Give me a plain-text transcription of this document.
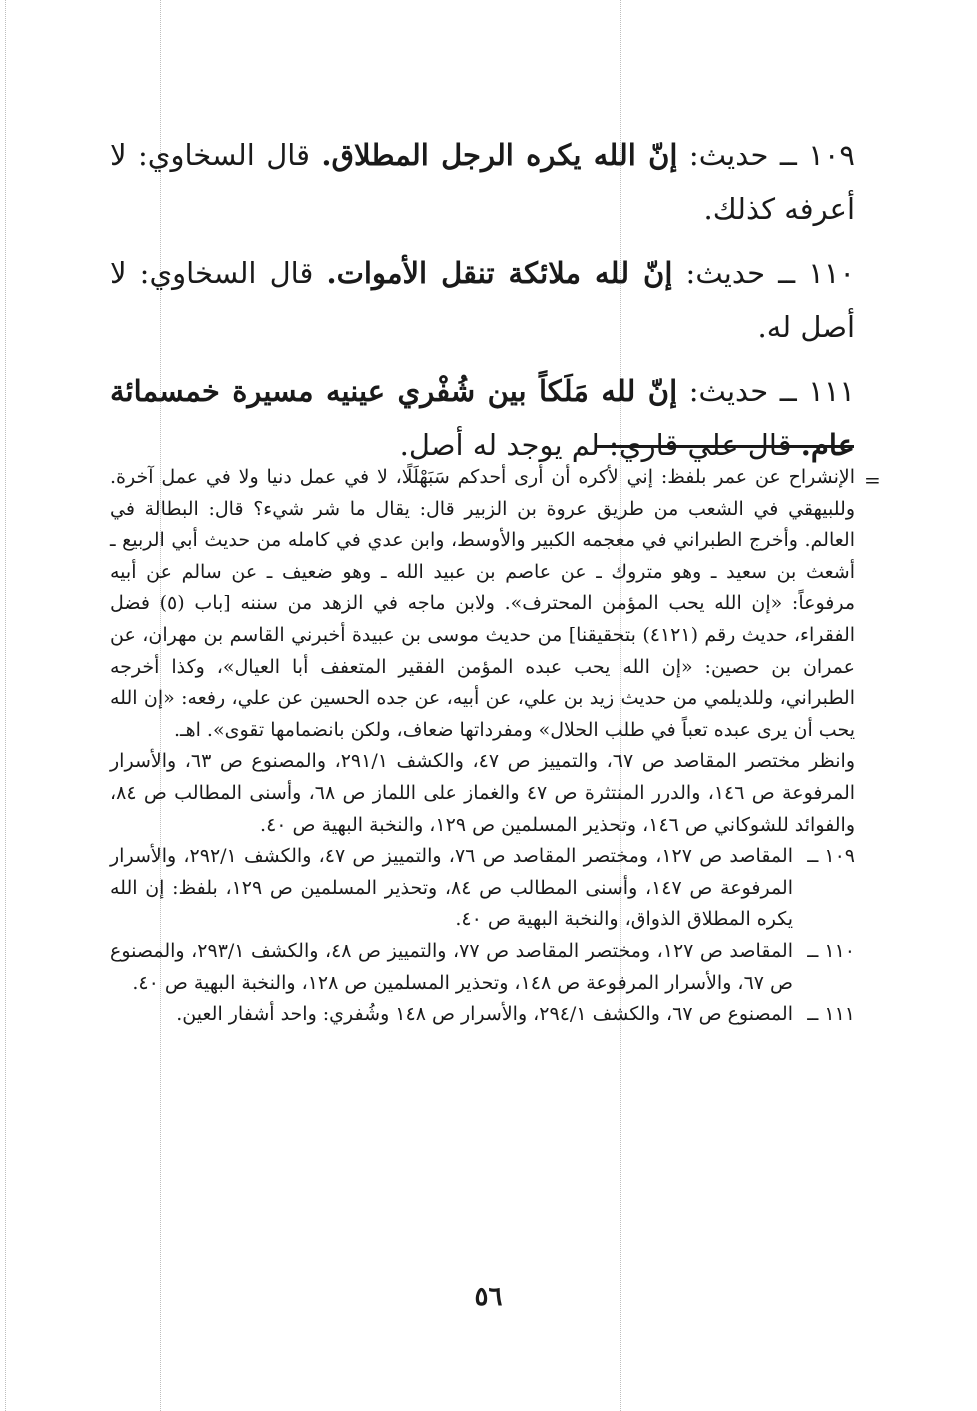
١٠٩ ــ حديث: إنّ الله يكره الرجل المطلاق. قال السخاوي: لا أعرفه كذلك.

١١٠ ــ حديث: إنّ لله ملائكة تنقل الأموات. قال السخاوي: لا أصل له.

١١١ ــ حديث: إنّ لله مَلَكاً بين شُفْري عينيه مسيرة خمسمائة عام. قال علي قاري: لم يوجد له أصل.

=

الإنشراح عن عمر بلفظ: إني لأكره أن أرى أحدكم سَبَهْلَلًا، لا في عمل دنيا ولا في عمل آخرة. وللبيهقي في الشعب من طريق عروة بن الزبير قال: يقال ما شر شيء؟ قال: البطالة في العالم. وأخرج الطبراني في معجمه الكبير والأوسط، وابن عدي في كامله من حديث أبي الربيع ـ أشعث بن سعيد ـ وهو متروك ـ عن عاصم بن عبيد الله ـ وهو ضعيف ـ عن سالم عن أبيه مرفوعاً: «إن الله يحب المؤمن المحترف». ولابن ماجه في الزهد من سننه [باب (٥) فضل الفقراء، حديث رقم (٤١٢١) بتحقيقنا] من حديث موسى بن عبيدة أخبرني القاسم بن مهران، عن عمران بن حصين: «إن الله يحب عبده المؤمن الفقير المتعفف أبا العيال»، وكذا أخرجه الطبراني، وللديلمي من حديث زيد بن علي، عن أبيه، عن جده الحسين عن علي، رفعه: «إن الله يحب أن يرى عبده تعباً في طلب الحلال» ومفرداتها ضعاف، ولكن بانضمامها تقوى». اهـ.

وانظر مختصر المقاصد ص ٦٧، والتمييز ص ٤٧، والكشف ٢٩١/١، والمصنوع ص ٦٣، والأسرار المرفوعة ص ١٤٦، والدرر المنتثرة ص ٤٧ والغماز على اللماز ص ٦٨، وأسنى المطالب ص ٨٤، والفوائد للشوكاني ص ١٤٦، وتحذير المسلمين ص ١٢٩، والنخبة البهية ص ٤٠.

١٠٩ ــ
المقاصد ص ١٢٧، ومختصر المقاصد ص ٧٦، والتمييز ص ٤٧، والكشف ٢٩٢/١، والأسرار المرفوعة ص ١٤٧، وأسنى المطالب ص ٨٤، وتحذير المسلمين ص ١٢٩، بلفظ: إن الله يكره المطلاق الذواق، والنخبة البهية ص ٤٠.

١١٠ ــ
المقاصد ص ١٢٧، ومختصر المقاصد ص ٧٧، والتمييز ص ٤٨، والكشف ٢٩٣/١، والمصنوع ص ٦٧، والأسرار المرفوعة ص ١٤٨، وتحذير المسلمين ص ١٢٨، والنخبة البهية ص ٤٠.

١١١ ــ
المصنوع ص ٦٧، والكشف ٢٩٤/١، والأسرار ص ١٤٨ وشُفري: واحد أشفار العين.

٥٦
